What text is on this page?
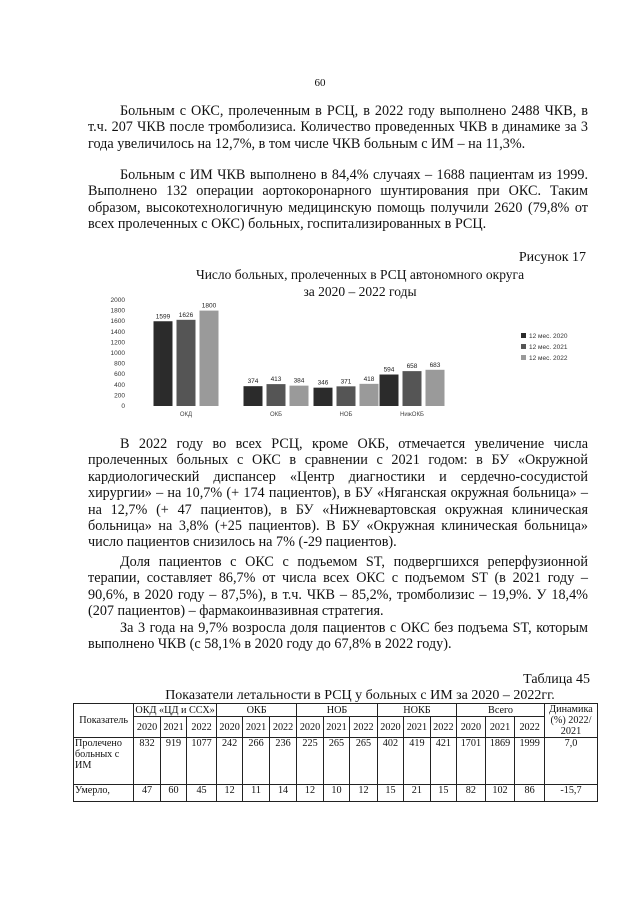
60

Больным с ОКС, пролеченным в РСЦ, в 2022 году выполнено 2488 ЧКВ, в т.ч. 207 ЧКВ после тромболизиса. Количество проведенных ЧКВ в динамике за 3 года увеличилось на 12,7%, в том числе ЧКВ больным с ИМ – на 11,3%.

Больным с ИМ ЧКВ выполнено в 84,4% случаях – 1688 пациентам из 1999. Выполнено 132 операции аортокоронарного шунтирования при ОКС. Таким образом, высокотехнологичную медицинскую помощь получили 2620 (79,8% от всех пролеченных с ОКС) больных, госпитализированных в РСЦ.

Рисунок 17
Число больных, пролеченных в РСЦ автономного округа
за 2020 – 2022 годы
0
200
400
600
800
1000
1200
1400
1600
1800
2000
1599 1626
1800
ОКД
374 413 384
ОКБ
346 371 418
НОБ
594 658 683
НижОКБ
12 мес. 2020
12 мес. 2021
12 мес. 2022

В 2022 году во всех РСЦ, кроме ОКБ, отмечается увеличение числа пролеченных больных с ОКС в сравнении с 2021 годом: в БУ «Окружной кардиологический диспансер «Центр диагностики и сердечно-сосудистой хирургии» – на 10,7% (+ 174 пациентов), в БУ «Няганская окружная больница» – на 12,7% (+ 47 пациентов), в БУ «Нижневартовская окружная клиническая больница» на 3,8% (+25 пациентов). В БУ «Окружная клиническая больница» число пациентов снизилось на 7% (-29 пациентов).

Доля пациентов с ОКС с подъемом ST, подвергшихся реперфузионной терапии, составляет 86,7% от числа всех ОКС с подъемом ST (в 2021 году – 90,6%, в 2020 году – 87,5%), в т.ч. ЧКВ – 85,2%, тромболизис – 19,9%. У 18,4% (207 пациентов) – фармакоинвазивная стратегия.

За 3 года на 9,7% возросла доля пациентов с ОКС без подъема ST, которым выполнено ЧКВ (с 58,1% в 2020 году до 67,8% в 2022 году).

Таблица 45
Показатели летальности в РСЦ у больных с ИМ за 2020 – 2022гг.
Показатель	ОКД «ЦД и ССХ»			ОКБ			НОБ			НОКБ			Всего			Динамика (%) 2022/ 2021
	2020	2021	2022	2020	2021	2022	2020	2021	2022	2020	2021	2022	2020	2021	2022	
Пролечено больных с ИМ	832	919	1077	242	266	236	225	265	265	402	419	421	1701	1869	1999	7,0
Умерло,	47	60	45	12	11	14	12	10	12	15	21	15	82	102	86	-15,7
